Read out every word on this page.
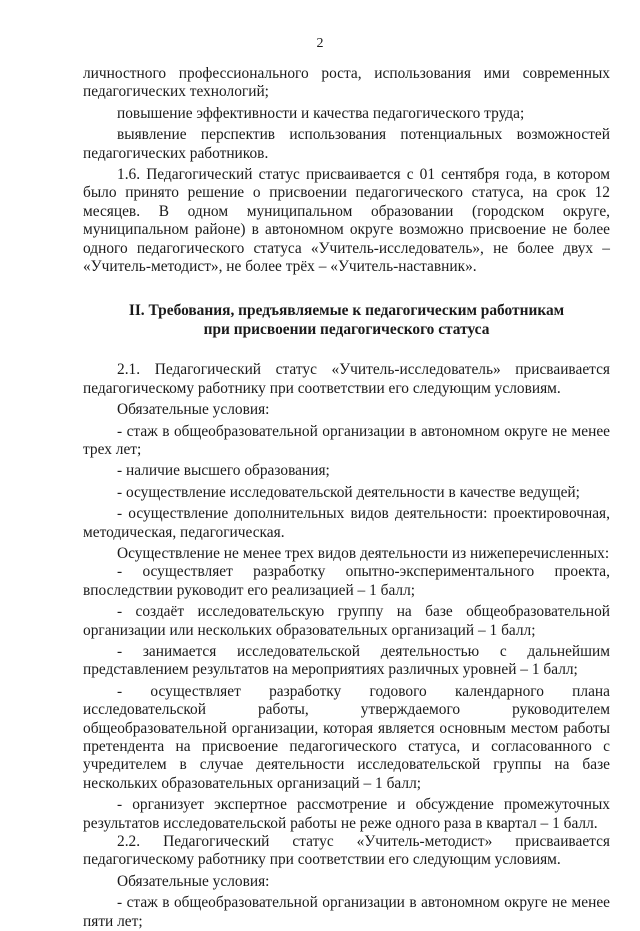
2

личностного профессионального роста, использования ими современных педагогических технологий;

повышение эффективности и качества педагогического труда;

выявление перспектив использования потенциальных возможностей педагогических работников.

1.6. Педагогический статус присваивается с 01 сентября года, в котором было принято решение о присвоении педагогического статуса, на срок 12 месяцев. В одном муниципальном образовании (городском округе, муниципальном районе) в автономном округе возможно присвоение не более одного педагогического статуса «Учитель-исследователь», не более двух – «Учитель-методист», не более трёх – «Учитель-наставник».

II. Требования, предъявляемые к педагогическим работникам
при присвоении педагогического статуса

2.1. Педагогический статус «Учитель-исследователь» присваивается педагогическому работнику при соответствии его следующим условиям.

Обязательные условия:

- стаж в общеобразовательной организации в автономном округе не менее трех лет;

- наличие высшего образования;

- осуществление исследовательской деятельности в качестве ведущей;

- осуществление дополнительных видов деятельности: проектировочная, методическая, педагогическая.

Осуществление не менее трех видов деятельности из нижеперечисленных:

- осуществляет разработку опытно-экспериментального проекта, впоследствии руководит его реализацией – 1 балл;

- создаёт исследовательскую группу на базе общеобразовательной организации или нескольких образовательных организаций – 1 балл;

- занимается исследовательской деятельностью с дальнейшим представлением результатов на мероприятиях различных уровней – 1 балл;

- осуществляет разработку годового календарного плана исследовательской работы, утверждаемого руководителем общеобразовательной организации, которая является основным местом работы претендента на присвоение педагогического статуса, и согласованного с учредителем в случае деятельности исследовательской группы на базе нескольких образовательных организаций – 1 балл;

- организует экспертное рассмотрение и обсуждение промежуточных результатов исследовательской работы не реже одного раза в квартал – 1 балл.

2.2. Педагогический статус «Учитель-методист» присваивается педагогическому работнику при соответствии его следующим условиям.

Обязательные условия:

- стаж в общеобразовательной организации в автономном округе не менее пяти лет;
